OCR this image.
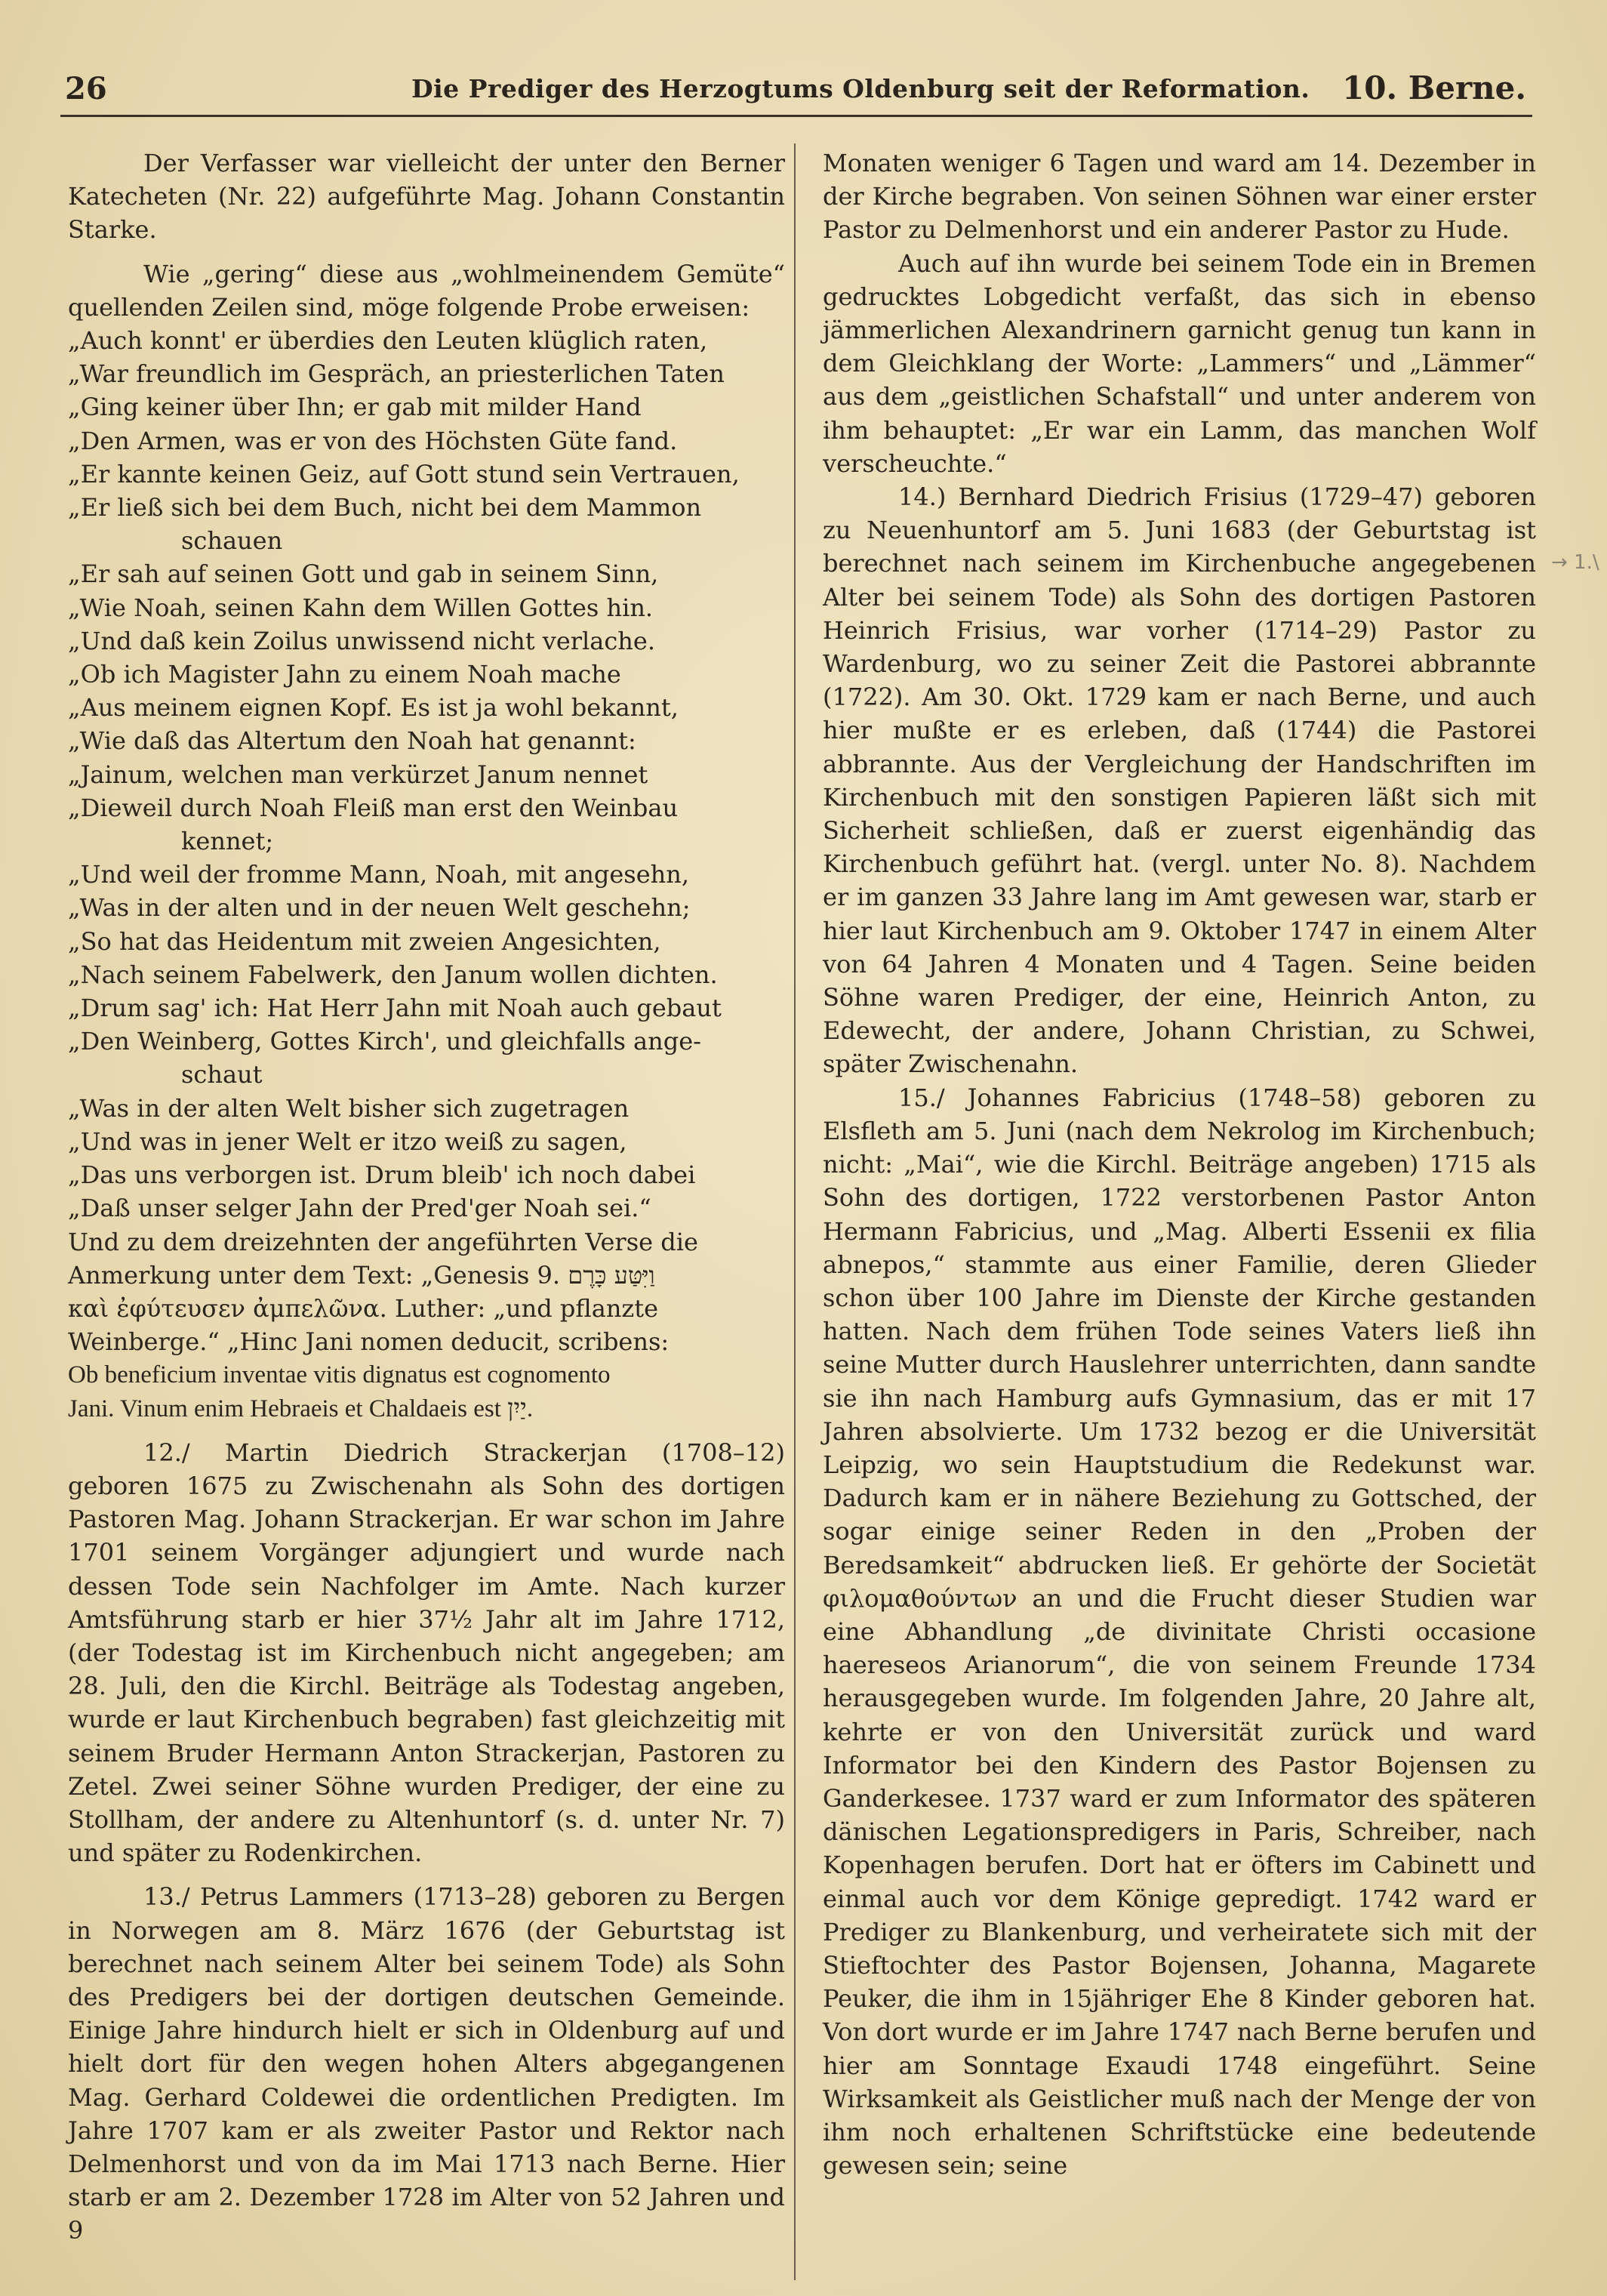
26	Die Prediger des Herzogtums Oldenburg seit der Reformation. 10. Berne.

Der Verfasser war vielleicht der unter den Berner Katecheten (Nr. 22) aufgeführte Mag. Johann Constantin Starke.

Wie „gering“ diese aus „wohlmeinendem Gemüte“ quellenden Zeilen sind, möge folgende Probe erweisen:

„Auch konnt' er überdies den Leuten klüglich raten,
„War freundlich im Gespräch, an priesterlichen Taten
„Ging keiner über Ihn; er gab mit milder Hand
„Den Armen, was er von des Höchsten Güte fand.
„Er kannte keinen Geiz, auf Gott stund sein Vertrauen,
„Er ließ sich bei dem Buch, nicht bei dem Mammon
schauen
„Er sah auf seinen Gott und gab in seinem Sinn,
„Wie Noah, seinen Kahn dem Willen Gottes hin.
„Und daß kein Zoilus unwissend nicht verlache.
„Ob ich Magister Jahn zu einem Noah mache
„Aus meinem eignen Kopf. Es ist ja wohl bekannt,
„Wie daß das Altertum den Noah hat genannt:
„Jainum, welchen man verkürzet Janum nennet
„Dieweil durch Noah Fleiß man erst den Weinbau
kennet;
„Und weil der fromme Mann, Noah, mit angesehn,
„Was in der alten und in der neuen Welt geschehn;
„So hat das Heidentum mit zweien Angesichten,
„Nach seinem Fabelwerk, den Janum wollen dichten.
„Drum sag' ich: Hat Herr Jahn mit Noah auch gebaut
„Den Weinberg, Gottes Kirch', und gleichfalls ange-
schaut
„Was in der alten Welt bisher sich zugetragen
„Und was in jener Welt er itzo weiß zu sagen,
„Das uns verborgen ist. Drum bleib' ich noch dabei
„Daß unser selger Jahn der Pred'ger Noah sei.“
Und zu dem dreizehnten der angeführten Verse die
Anmerkung unter dem Text: „Genesis 9. וַיִּטַּע כָּרֶם
καὶ ἐφύτευσεν ἀμπελῶνα. Luther: „und pflanzte
Weinberge.“ „Hinc Jani nomen deducit, scribens:
Ob beneficium inventae vitis dignatus est cognomento
Jani. Vinum enim Hebraeis et Chaldaeis est יַיִן.

12./ Martin Diedrich Strackerjan (1708–12) geboren 1675 zu Zwischenahn als Sohn des dortigen Pastoren Mag. Johann Strackerjan. Er war schon im Jahre 1701 seinem Vorgänger adjungiert und wurde nach dessen Tode sein Nachfolger im Amte. Nach kurzer Amtsführung starb er hier 37½ Jahr alt im Jahre 1712, (der Todestag ist im Kirchenbuch nicht angegeben; am 28. Juli, den die Kirchl. Beiträge als Todestag angeben, wurde er laut Kirchenbuch begraben) fast gleichzeitig mit seinem Bruder Hermann Anton Strackerjan, Pastoren zu Zetel. Zwei seiner Söhne wurden Prediger, der eine zu Stollham, der andere zu Altenhuntorf (s. d. unter Nr. 7) und später zu Rodenkirchen.

13./ Petrus Lammers (1713–28) geboren zu Bergen in Norwegen am 8. März 1676 (der Geburtstag ist berechnet nach seinem Alter bei seinem Tode) als Sohn des Predigers bei der dortigen deutschen Gemeinde. Einige Jahre hindurch hielt er sich in Oldenburg auf und hielt dort für den wegen hohen Alters abgegangenen Mag. Gerhard Coldewei die ordentlichen Predigten. Im Jahre 1707 kam er als zweiter Pastor und Rektor nach Delmenhorst und von da im Mai 1713 nach Berne. Hier starb er am 2. Dezember 1728 im Alter von 52 Jahren und 9

Monaten weniger 6 Tagen und ward am 14. Dezember in der Kirche begraben. Von seinen Söhnen war einer erster Pastor zu Delmenhorst und ein anderer Pastor zu Hude.

Auch auf ihn wurde bei seinem Tode ein in Bremen gedrucktes Lobgedicht verfaßt, das sich in ebenso jämmerlichen Alexandrinern garnicht genug tun kann in dem Gleichklang der Worte: „Lammers“ und „Lämmer“ aus dem „geistlichen Schafstall“ und unter anderem von ihm behauptet: „Er war ein Lamm, das manchen Wolf verscheuchte.“

14.) Bernhard Diedrich Frisius (1729–47) geboren zu Neuenhuntorf am 5. Juni 1683 (der Geburtstag ist berechnet nach seinem im Kirchenbuche angegebenen Alter bei seinem Tode) als Sohn des dortigen Pastoren Heinrich Frisius, war vorher (1714–29) Pastor zu Wardenburg, wo zu seiner Zeit die Pastorei abbrannte (1722). Am 30. Okt. 1729 kam er nach Berne, und auch hier mußte er es erleben, daß (1744) die Pastorei abbrannte. Aus der Vergleichung der Handschriften im Kirchenbuch mit den sonstigen Papieren läßt sich mit Sicherheit schließen, daß er zuerst eigenhändig das Kirchenbuch geführt hat. (vergl. unter No. 8). Nachdem er im ganzen 33 Jahre lang im Amt gewesen war, starb er hier laut Kirchenbuch am 9. Oktober 1747 in einem Alter von 64 Jahren 4 Monaten und 4 Tagen. Seine beiden Söhne waren Prediger, der eine, Heinrich Anton, zu Edewecht, der andere, Johann Christian, zu Schwei, später Zwischenahn.

15./ Johannes Fabricius (1748–58) geboren zu Elsfleth am 5. Juni (nach dem Nekrolog im Kirchenbuch; nicht: „Mai“, wie die Kirchl. Beiträge angeben) 1715 als Sohn des dortigen, 1722 verstorbenen Pastor Anton Hermann Fabricius, und „Mag. Alberti Essenii ex filia abnepos,“ stammte aus einer Familie, deren Glieder schon über 100 Jahre im Dienste der Kirche gestanden hatten. Nach dem frühen Tode seines Vaters ließ ihn seine Mutter durch Hauslehrer unterrichten, dann sandte sie ihn nach Hamburg aufs Gymnasium, das er mit 17 Jahren absolvierte. Um 1732 bezog er die Universität Leipzig, wo sein Hauptstudium die Redekunst war. Dadurch kam er in nähere Beziehung zu Gottsched, der sogar einige seiner Reden in den „Proben der Beredsamkeit“ abdrucken ließ. Er gehörte der Societät φιλομαθούντων an und die Frucht dieser Studien war eine Abhandlung „de divinitate Christi occasione haereseos Arianorum“, die von seinem Freunde 1734 herausgegeben wurde. Im folgenden Jahre, 20 Jahre alt, kehrte er von den Universität zurück und ward Informator bei den Kindern des Pastor Bojensen zu Ganderkesee. 1737 ward er zum Informator des späteren dänischen Legationspredigers in Paris, Schreiber, nach Kopenhagen berufen. Dort hat er öfters im Cabinett und einmal auch vor dem Könige gepredigt. 1742 ward er Prediger zu Blankenburg, und verheiratete sich mit der Stieftochter des Pastor Bojensen, Johanna, Magarete Peuker, die ihm in 15jähriger Ehe 8 Kinder geboren hat. Von dort wurde er im Jahre 1747 nach Berne berufen und hier am Sonntage Exaudi 1748 eingeführt. Seine Wirksamkeit als Geistlicher muß nach der Menge der von ihm noch erhaltenen Schriftstücke eine bedeutende gewesen sein; seine

→ 1.\
